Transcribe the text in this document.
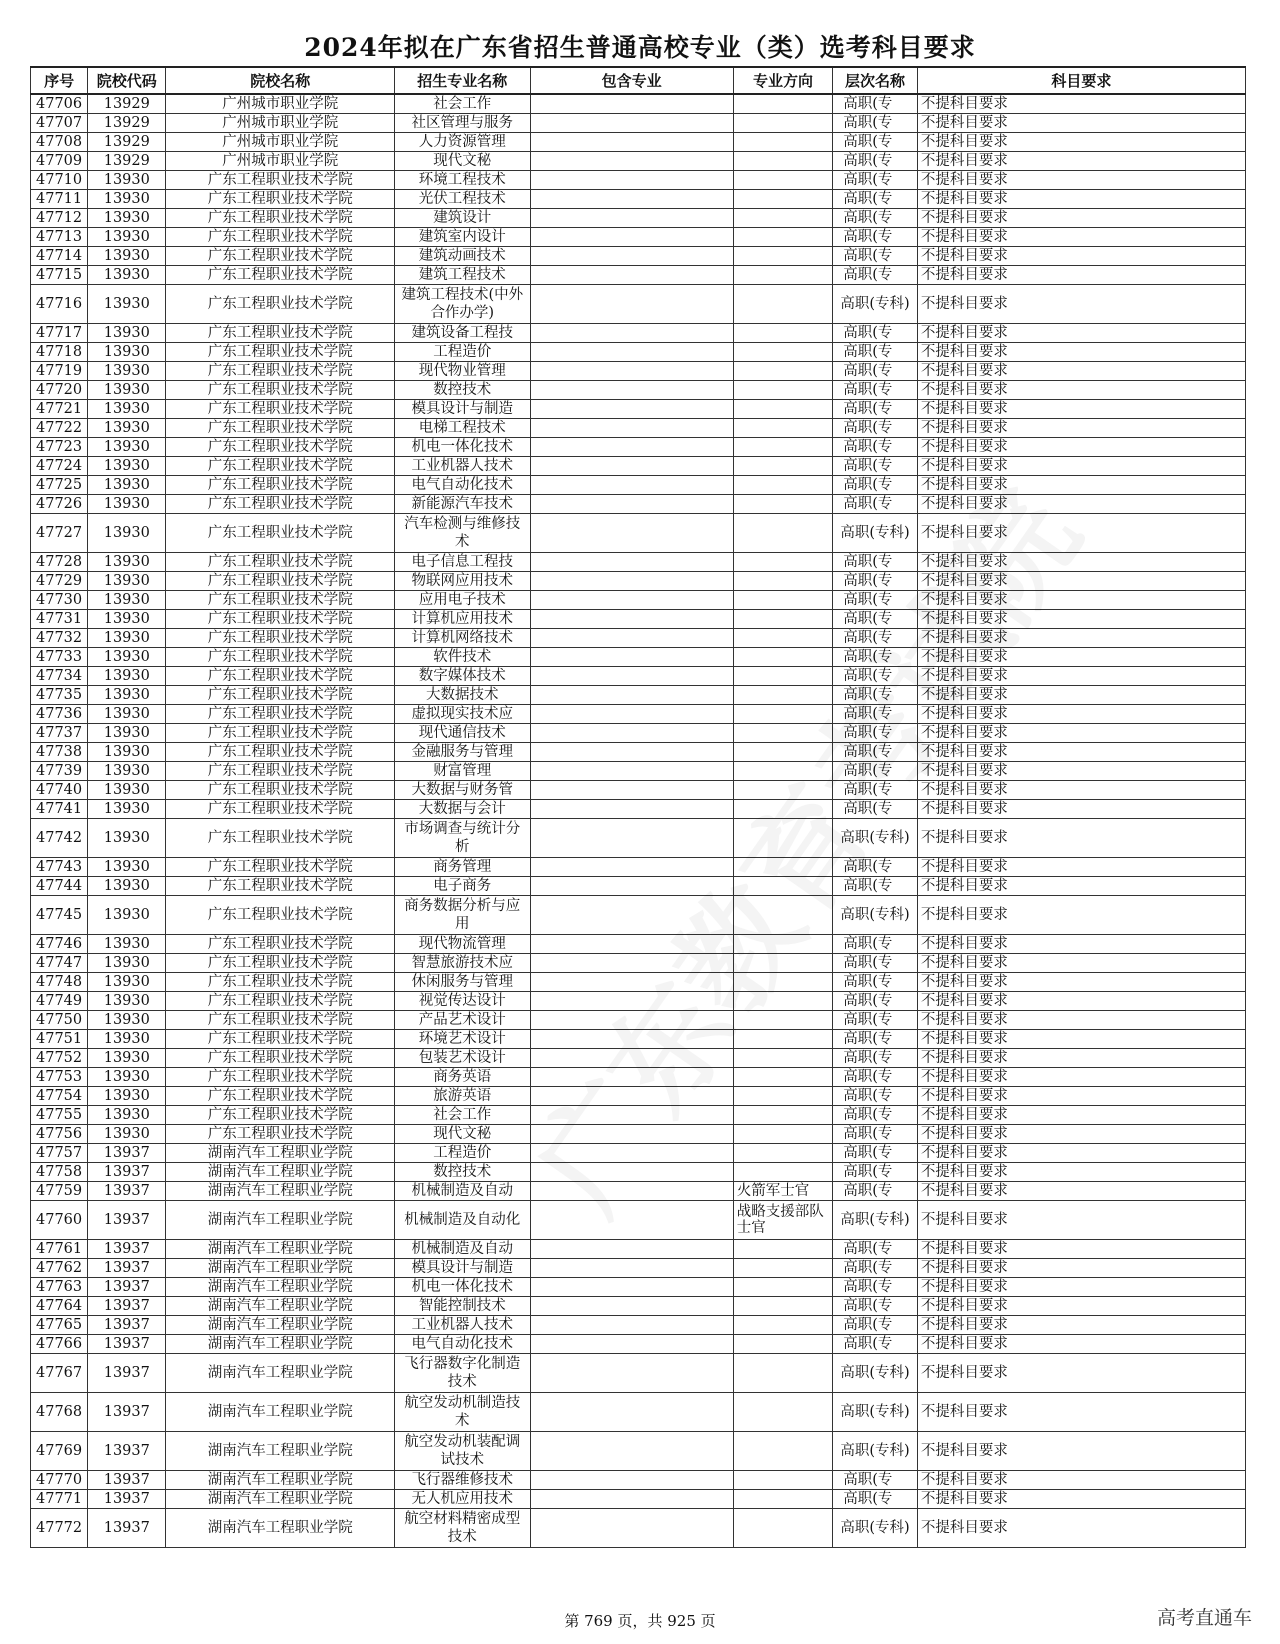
2024年拟在广东省招生普通高校专业（类）选考科目要求
序号	院校代码	院校名称	招生专业名称	包含专业	专业方向	层次名称	科目要求
47706	13929	广州城市职业学院	社会工作			高职(专	不提科目要求
47707	13929	广州城市职业学院	社区管理与服务			高职(专	不提科目要求
47708	13929	广州城市职业学院	人力资源管理			高职(专	不提科目要求
47709	13929	广州城市职业学院	现代文秘			高职(专	不提科目要求
47710	13930	广东工程职业技术学院	环境工程技术			高职(专	不提科目要求
47711	13930	广东工程职业技术学院	光伏工程技术			高职(专	不提科目要求
47712	13930	广东工程职业技术学院	建筑设计			高职(专	不提科目要求
47713	13930	广东工程职业技术学院	建筑室内设计			高职(专	不提科目要求
47714	13930	广东工程职业技术学院	建筑动画技术			高职(专	不提科目要求
47715	13930	广东工程职业技术学院	建筑工程技术			高职(专	不提科目要求
47716	13930	广东工程职业技术学院	建筑工程技术(中外合作办学)			高职(专科)	不提科目要求
47717	13930	广东工程职业技术学院	建筑设备工程技			高职(专	不提科目要求
47718	13930	广东工程职业技术学院	工程造价			高职(专	不提科目要求
47719	13930	广东工程职业技术学院	现代物业管理			高职(专	不提科目要求
47720	13930	广东工程职业技术学院	数控技术			高职(专	不提科目要求
47721	13930	广东工程职业技术学院	模具设计与制造			高职(专	不提科目要求
47722	13930	广东工程职业技术学院	电梯工程技术			高职(专	不提科目要求
47723	13930	广东工程职业技术学院	机电一体化技术			高职(专	不提科目要求
47724	13930	广东工程职业技术学院	工业机器人技术			高职(专	不提科目要求
47725	13930	广东工程职业技术学院	电气自动化技术			高职(专	不提科目要求
47726	13930	广东工程职业技术学院	新能源汽车技术			高职(专	不提科目要求
47727	13930	广东工程职业技术学院	汽车检测与维修技术			高职(专科)	不提科目要求
47728	13930	广东工程职业技术学院	电子信息工程技			高职(专	不提科目要求
47729	13930	广东工程职业技术学院	物联网应用技术			高职(专	不提科目要求
47730	13930	广东工程职业技术学院	应用电子技术			高职(专	不提科目要求
47731	13930	广东工程职业技术学院	计算机应用技术			高职(专	不提科目要求
47732	13930	广东工程职业技术学院	计算机网络技术			高职(专	不提科目要求
47733	13930	广东工程职业技术学院	软件技术			高职(专	不提科目要求
47734	13930	广东工程职业技术学院	数字媒体技术			高职(专	不提科目要求
47735	13930	广东工程职业技术学院	大数据技术			高职(专	不提科目要求
47736	13930	广东工程职业技术学院	虚拟现实技术应			高职(专	不提科目要求
47737	13930	广东工程职业技术学院	现代通信技术			高职(专	不提科目要求
47738	13930	广东工程职业技术学院	金融服务与管理			高职(专	不提科目要求
47739	13930	广东工程职业技术学院	财富管理			高职(专	不提科目要求
47740	13930	广东工程职业技术学院	大数据与财务管			高职(专	不提科目要求
47741	13930	广东工程职业技术学院	大数据与会计			高职(专	不提科目要求
47742	13930	广东工程职业技术学院	市场调查与统计分析			高职(专科)	不提科目要求
47743	13930	广东工程职业技术学院	商务管理			高职(专	不提科目要求
47744	13930	广东工程职业技术学院	电子商务			高职(专	不提科目要求
47745	13930	广东工程职业技术学院	商务数据分析与应用			高职(专科)	不提科目要求
47746	13930	广东工程职业技术学院	现代物流管理			高职(专	不提科目要求
47747	13930	广东工程职业技术学院	智慧旅游技术应			高职(专	不提科目要求
47748	13930	广东工程职业技术学院	休闲服务与管理			高职(专	不提科目要求
47749	13930	广东工程职业技术学院	视觉传达设计			高职(专	不提科目要求
47750	13930	广东工程职业技术学院	产品艺术设计			高职(专	不提科目要求
47751	13930	广东工程职业技术学院	环境艺术设计			高职(专	不提科目要求
47752	13930	广东工程职业技术学院	包装艺术设计			高职(专	不提科目要求
47753	13930	广东工程职业技术学院	商务英语			高职(专	不提科目要求
47754	13930	广东工程职业技术学院	旅游英语			高职(专	不提科目要求
47755	13930	广东工程职业技术学院	社会工作			高职(专	不提科目要求
47756	13930	广东工程职业技术学院	现代文秘			高职(专	不提科目要求
47757	13937	湖南汽车工程职业学院	工程造价			高职(专	不提科目要求
47758	13937	湖南汽车工程职业学院	数控技术			高职(专	不提科目要求
47759	13937	湖南汽车工程职业学院	机械制造及自动		火箭军士官	高职(专	不提科目要求
47760	13937	湖南汽车工程职业学院	机械制造及自动化		战略支援部队士官	高职(专科)	不提科目要求
47761	13937	湖南汽车工程职业学院	机械制造及自动			高职(专	不提科目要求
47762	13937	湖南汽车工程职业学院	模具设计与制造			高职(专	不提科目要求
47763	13937	湖南汽车工程职业学院	机电一体化技术			高职(专	不提科目要求
47764	13937	湖南汽车工程职业学院	智能控制技术			高职(专	不提科目要求
47765	13937	湖南汽车工程职业学院	工业机器人技术			高职(专	不提科目要求
47766	13937	湖南汽车工程职业学院	电气自动化技术			高职(专	不提科目要求
47767	13937	湖南汽车工程职业学院	飞行器数字化制造技术			高职(专科)	不提科目要求
47768	13937	湖南汽车工程职业学院	航空发动机制造技术			高职(专科)	不提科目要求
47769	13937	湖南汽车工程职业学院	航空发动机装配调试技术			高职(专科)	不提科目要求
47770	13937	湖南汽车工程职业学院	飞行器维修技术			高职(专	不提科目要求
47771	13937	湖南汽车工程职业学院	无人机应用技术			高职(专	不提科目要求
47772	13937	湖南汽车工程职业学院	航空材料精密成型技术			高职(专科)	不提科目要求
第 769 页，共 925 页	高考直通车
